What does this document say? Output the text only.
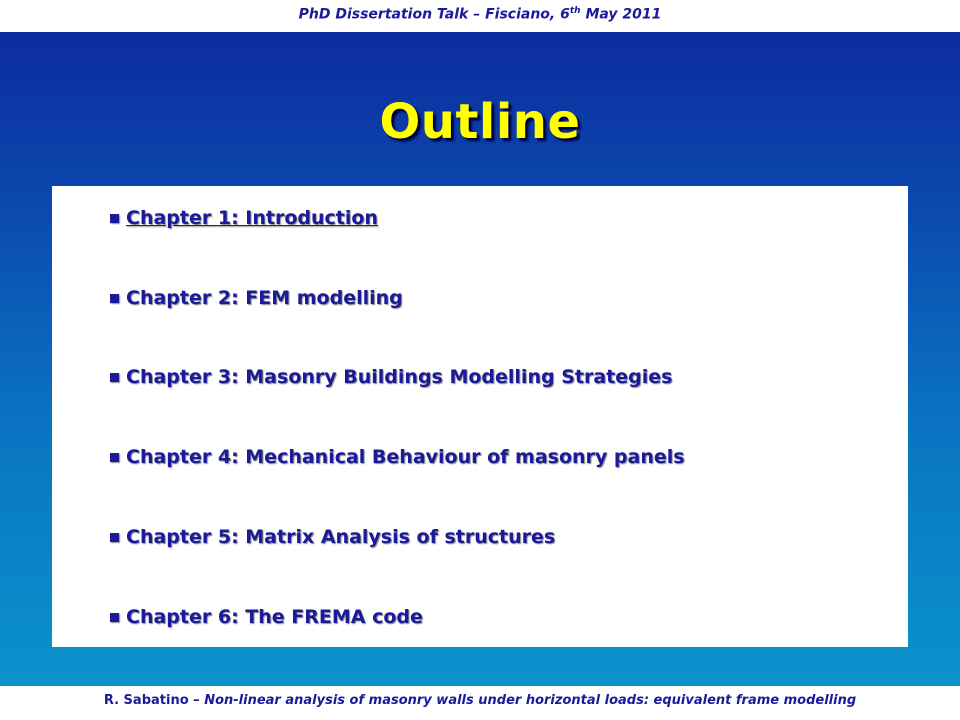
PhD Dissertation Talk – Fisciano, 6th May 2011
Outline
Chapter 1: Introduction
Chapter 2: FEM modelling
Chapter 3: Masonry Buildings Modelling Strategies
Chapter 4: Mechanical Behaviour of masonry panels
Chapter 5: Matrix Analysis of structures
Chapter 6: The FREMA code
R. Sabatino – Non-linear analysis of masonry walls under horizontal loads: equivalent frame modelling
